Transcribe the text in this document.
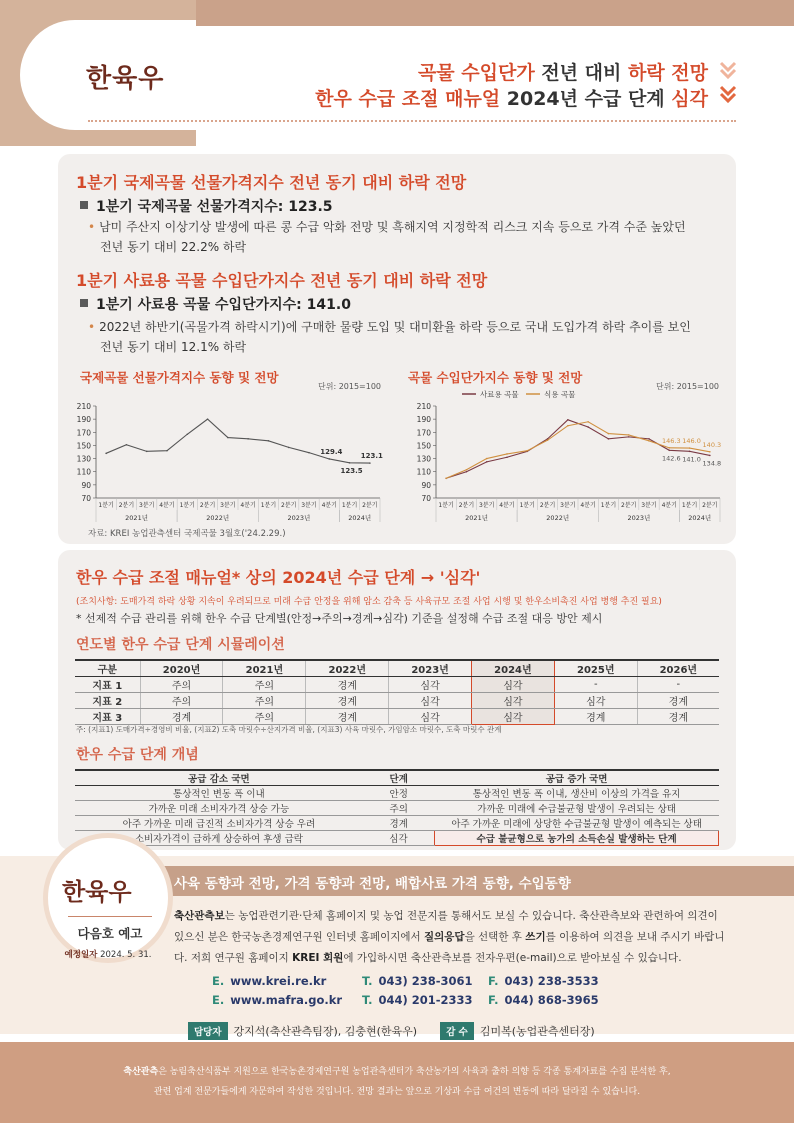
한육우	곡물 수입단가 전년 대비 하락 전망
한우 수급 조절 매뉴얼 2024년 수급 단계 심각
1분기 국제곡물 선물가격지수 전년 동기 대비 하락 전망
1분기 국제곡물 선물가격지수: 123.5
• 남미 주산지 이상기상 발생에 따른 콩 수급 악화 전망 및 흑해지역 지정학적 리스크 지속 등으로 가격 수준 높았던
전년 동기 대비 22.2% 하락
1분기 사료용 곡물 수입단가지수 전년 동기 대비 하락 전망
1분기 사료용 곡물 수입단가지수: 141.0
• 2022년 하반기(곡물가격 하락시기)에 구매한 물량 도입 및 대미환율 하락 등으로 국내 도입가격 하락 추이를 보인
전년 동기 대비 12.1% 하락
국제곡물 선물가격지수 동향 및 전망
단위: 2015=100
70
90
110
130
150
170
190
210
1분기 2분기 3분기 4분기 1분기 2분기 3분기 4분기 1분기 2분기 3분기 4분기 1분기 2분기
2021년	2022년	2023년	2024년
129.4
123.5
123.1
곡물 수입단가지수 동향 및 전망
단위: 2015=100
70
90
110
130
150
170
190
210
1분기 2분기 3분기 4분기 1분기 2분기 3분기 4분기 1분기 2분기 3분기 4분기 1분기 2분기
2021년	2022년	2023년	2024년
사료용 곡물	식용 곡물
146.3 146.0 140.3
142.6 141.0
134.8
자료: KREI 농업관측센터 국제곡물 3월호('24.2.29.)
한우 수급 조절 매뉴얼* 상의 2024년 수급 단계 → '심각'
(조치사항: 도매가격 하락 상황 지속이 우려되므로 미래 수급 안정을 위해 암소 감축 등 사육규모 조절 사업 시행 및 한우소비촉진 사업 병행 추진 필요)
* 선제적 수급 관리를 위해 한우 수급 단계별(안정→주의→경계→심각) 기준을 설정해 수급 조절 대응 방안 제시
연도별 한우 수급 단계 시뮬레이션
구분	2020년	2021년	2022년	2023년	2024년	2025년	2026년
지표 1	주의	주의	경계	심각	심각	-	-
지표 2	주의	주의	경계	심각	심각	심각	경계
지표 3	경계	주의	경계	심각	심각	경계	경계
주: (지표1) 도매가격÷경영비 비율, (지표2) 도축 마릿수÷산지가격 비율, (지표3) 사육 마릿수, 가임암소 마릿수, 도축 마릿수 관계
한우 수급 단계 개념
공급 감소 국면	단계	공급 증가 국면
통상적인 변동 폭 이내	안정	통상적인 변동 폭 이내, 생산비 이상의 가격을 유지
가까운 미래 소비자가격 상승 가능	주의	가까운 미래에 수급불균형 발생이 우려되는 상태
아주 가까운 미래 급진적 소비자가격 상승 우려	경계	아주 가까운 미래에 상당한 수급불균형 발생이 예측되는 상태
소비자가격이 급하게 상승하여 후생 급락	심각	수급 불균형으로 농가의 소득손실 발생하는 단계
사육 동향과 전망, 가격 동향과 전망, 배합사료 가격 동향, 수입동향
한육우
다음호 예고
예정일자 2024. 5. 31.
축산관측보는 농업관련기관·단체 홈페이지 및 농업 전문지를 통해서도 보실 수 있습니다. 축산관측보와 관련하여 의견이
있으신 분은 한국농촌경제연구원 인터넷 홈페이지에서 질의응답을 선택한 후 쓰기를 이용하여 의견을 보내 주시기 바랍니
다. 저희 연구원 홈페이지 KREI 회원에 가입하시면 축산관측보를 전자우편(e-mail)으로 받아보실 수 있습니다.
E. www.krei.re.kr	T. 043) 238-3061 F. 043) 238-3533
E. www.mafra.go.kr T. 044) 201-2333 F. 044) 868-3965
담당자 강지석(축산관측팀장), 김충현(한육우)	감 수 김미복(농업관측센터장)
축산관측은 농림축산식품부 지원으로 한국농촌경제연구원 농업관측센터가 축산농가의 사육과 출하 의향 등 각종 통계자료를 수집 분석한 후,
관련 업계 전문가들에게 자문하여 작성한 것입니다. 전망 결과는 앞으로 기상과 수급 여건의 변동에 따라 달라질 수 있습니다.
